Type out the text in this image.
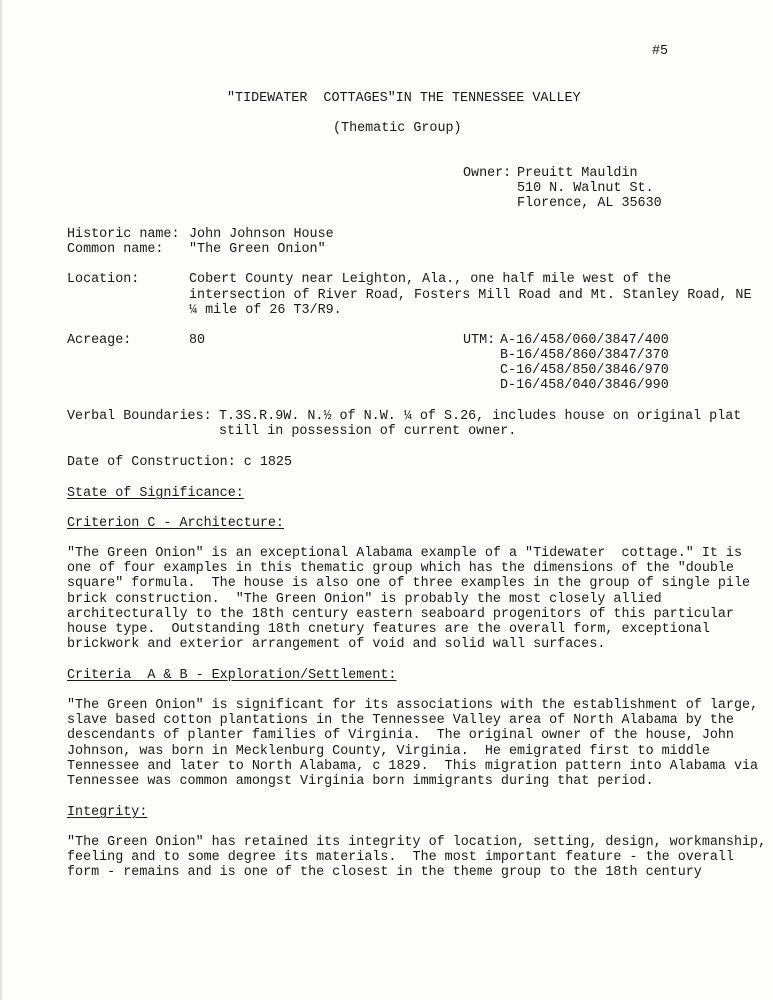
#5
"TIDEWATER  COTTAGES"IN THE TENNESSEE VALLEY
(Thematic Group)
Owner: Preuitt Mauldin
510 N. Walnut St.
Florence, AL 35630
Historic name: John Johnson House
Common name: "The Green Onion"
Location:	Cobert County near Leighton, Ala., one half mile west of the
intersection of River Road, Fosters Mill Road and Mt. Stanley Road, NE
¼ mile of 26 T3/R9.
Acreage:	80	UTM: A-16/458/060/3847/400
B-16/458/860/3847/370
C-16/458/850/3846/970
D-16/458/040/3846/990
Verbal Boundaries: T.3S.R.9W. N.½ of N.W. ¼ of S.26, includes house on original plat
still in possession of current owner.
Date of Construction: c 1825
State of Significance:
Criterion C - Architecture:
"The Green Onion" is an exceptional Alabama example of a "Tidewater  cottage." It is
one of four examples in this thematic group which has the dimensions of the "double
square" formula.  The house is also one of three examples in the group of single pile
brick construction.  "The Green Onion" is probably the most closely allied
architecturally to the 18th century eastern seaboard progenitors of this particular
house type.  Outstanding 18th cnetury features are the overall form, exceptional
brickwork and exterior arrangement of void and solid wall surfaces.
Criteria  A & B - Exploration/Settlement:
"The Green Onion" is significant for its associations with the establishment of large,
slave based cotton plantations in the Tennessee Valley area of North Alabama by the
descendants of planter families of Virginia.  The original owner of the house, John
Johnson, was born in Mecklenburg County, Virginia.  He emigrated first to middle
Tennessee and later to North Alabama, c 1829.  This migration pattern into Alabama via
Tennessee was common amongst Virginia born immigrants during that period.
Integrity:
"The Green Onion" has retained its integrity of location, setting, design, workmanship,
feeling and to some degree its materials.  The most important feature - the overall
form - remains and is one of the closest in the theme group to the 18th century
